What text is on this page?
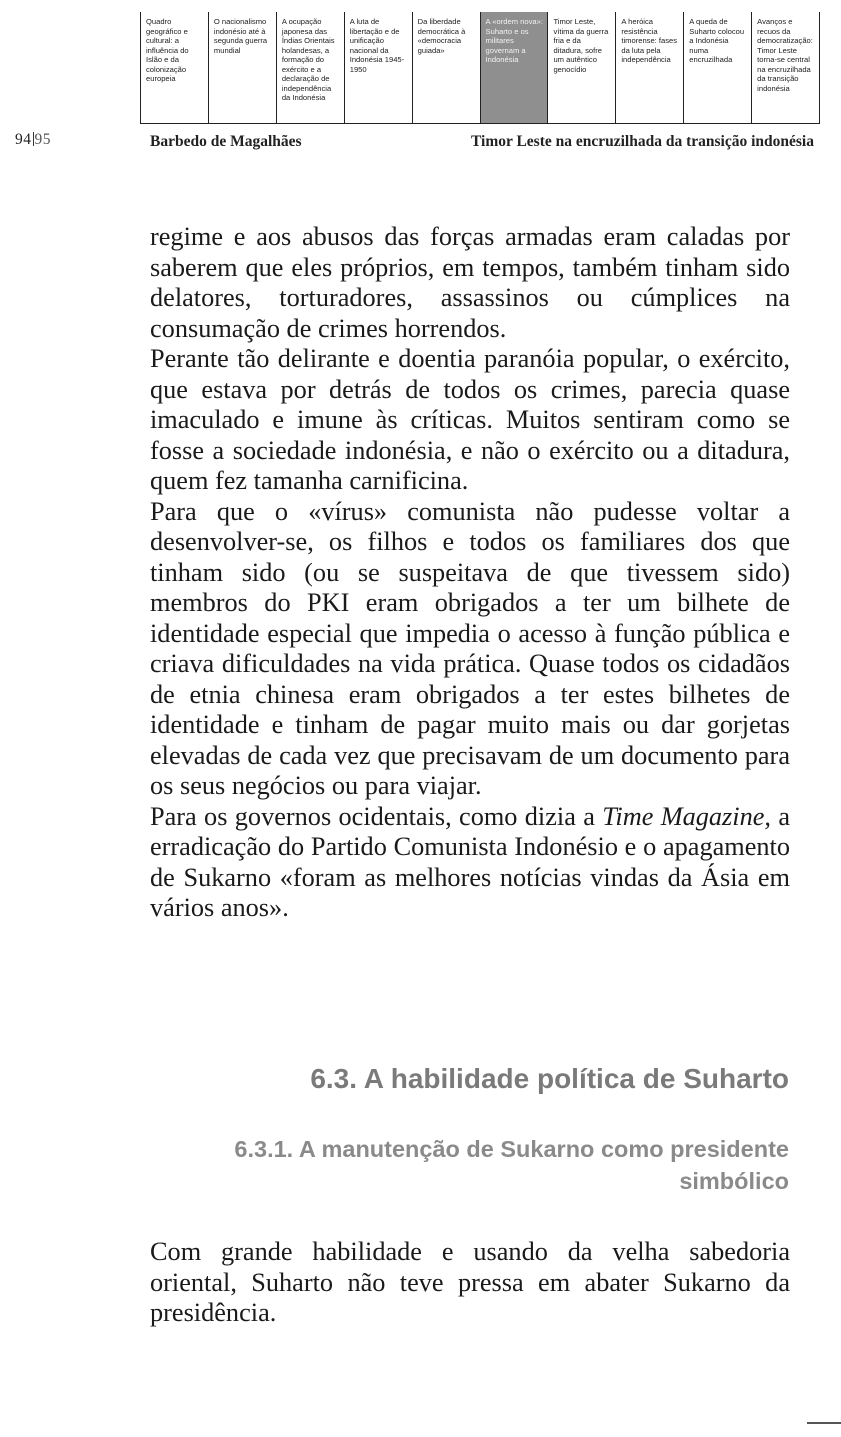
Quadro geográfico e cultural: a influência do Islão e da colonização europeia
O nacionalismo indonésio até à segunda guerra mundial
A ocupação japonesa das Índias Orientais holandesas, a formação do exército e a declaração de independência da Indonésia
A luta de libertação e de unificação nacional da Indonésia 1945-1950
Da liberdade democrática à «democracia guiada»
A «ordem nova»: Suharto e os militares governam a Indonésia
Timor Leste, vítima da guerra fria e da ditadura, sofre um autêntico genocídio
A heróica resistência timorense: fases da luta pela independência
A queda de Suharto colocou a Indonésia numa encruzilhada
Avanços e recuos da democratização: Timor Leste torna-se central na encruzilhada da transição indonésia
94 95	Barbedo de Magalhães	Timor Leste na encruzilhada da transição indonésia

regime e aos abusos das forças armadas eram caladas por saberem que eles próprios, em tempos, também tinham sido delatores, torturadores, assassinos ou cúmplices na consumação de crimes horrendos.

Perante tão delirante e doentia paranóia popular, o exército, que estava por detrás de todos os crimes, parecia quase imaculado e imune às críticas. Muitos sentiram como se fosse a sociedade indonésia, e não o exército ou a ditadura, quem fez tamanha carnificina.

Para que o «vírus» comunista não pudesse voltar a desenvolver-se, os filhos e todos os familiares dos que tinham sido (ou se suspeitava de que tivessem sido) membros do PKI eram obrigados a ter um bilhete de identidade especial que impedia o acesso à função pública e criava dificuldades na vida prática. Quase todos os cidadãos de etnia chinesa eram obrigados a ter estes bilhetes de identidade e tinham de pagar muito mais ou dar gorjetas elevadas de cada vez que precisavam de um documento para os seus negócios ou para viajar.

Para os governos ocidentais, como dizia a Time Magazine, a erradicação do Partido Comunista Indonésio e o apagamento de Sukarno «foram as melhores notícias vindas da Ásia em vários anos».

6.3. A habilidade política de Suharto
6.3.1. A manutenção de Sukarno como presidente simbólico

Com grande habilidade e usando da velha sabedoria oriental, Suharto não teve pressa em abater Sukarno da presidência.
